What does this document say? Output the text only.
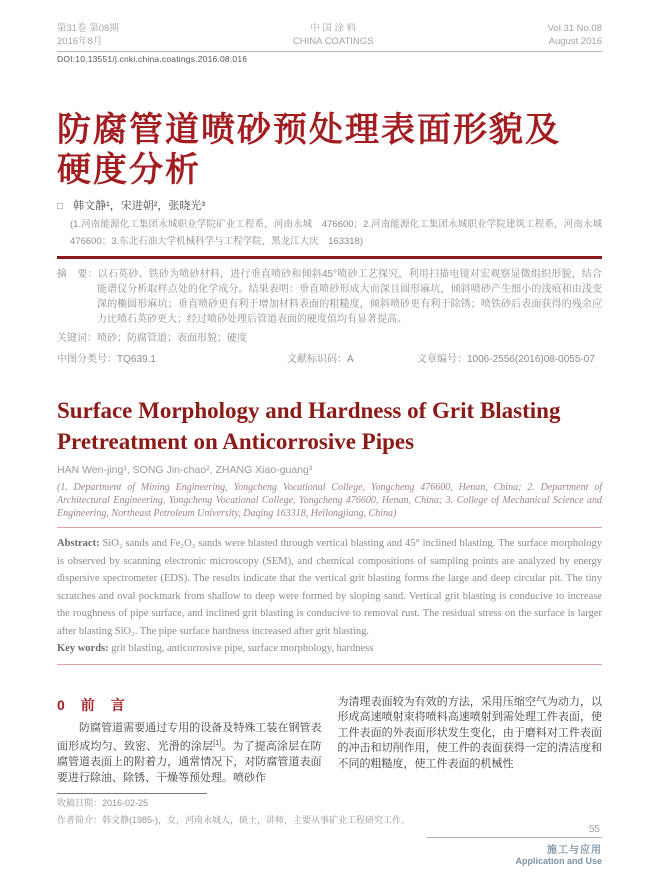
第31卷 第08期
2016年8月
中 国 涂 料
CHINA COATINGS
Vol.31 No.08
August 2016
DOI:10.13551/j.cnki.china.coatings.2016.08.016
防腐管道喷砂预处理表面形貌及
硬度分析
□ 韩文静¹，宋进朝²，张晓光³
(1.河南能源化工集团永城职业学院矿业工程系，河南永城　476600；2.河南能源化工集团永城职业学院建筑工程系，河南永城　476600；3.东北石油大学机械科学与工程学院，黑龙江大庆　163318)
摘　要：以石英砂、铁砂为喷砂材料，进行垂直喷砂和倾斜45°喷砂工艺探究，利用扫描电镜对宏观察显微组织形貌，结合能谱仪分析取样点处的化学成分。结果表明：垂直喷砂形成大而深且圆形麻坑，倾斜喷砂产生细小的浅痕和由浅变深的椭圆形麻坑；垂直喷砂更有利于增加材料表面的粗糙度，倾斜喷砂更有利于除锈；喷铁砂后表面获得的残余应力比喷石英砂更大；经过喷砂处理后管道表面的硬度值均有显著提高。
关键词：喷砂；防腐管道；表面形貌；硬度
中图分类号：TQ639.1	文献标识码：A	文章编号：1006-2556(2016)08-0055-07
Surface Morphology and Hardness of Grit Blasting
Pretreatment on Anticorrosive Pipes
HAN Wen-jing¹, SONG Jin-chao², ZHANG Xiao-guang³
(1. Department of Mining Engineering, Yongcheng Vocational College, Yongcheng 476600, Henan, China; 2. Department of Architectural Engineering, Yongcheng Vocational College, Yongcheng 476600, Henan, China; 3. College of Mechanical Science and Engineering, Northeast Petroleum University, Daqing 163318, Heilongjiang, China)
Abstract: SiO₂ sands and Fe₂O₃ sands were blasted through vertical blasting and 45° inclined blasting. The surface morphology is observed by scanning electronic microscopy (SEM), and chemical compositions of sampling points are analyzed by energy dispersive spectrometer (EDS). The results indicate that the vertical grit blasting forms the large and deep circular pit. The tiny scratches and oval pockmark from shallow to deep were formed by sloping sand. Vertical grit blasting is conducive to increase the roughness of pipe surface, and inclined grit blasting is conducive to removal rust. The residual stress on the surface is larger after blasting SiO₂. The pipe surface hardness increased after grit blasting.
Key words: grit blasting, anticorrosive pipe, surface morphology, hardness
0　前　言
防腐管道需要通过专用的设备及特殊工装在钢管表面形成均匀、致密、光滑的涂层[1]。为了提高涂层在防腐管道表面上的附着力，通常情况下，对防腐管道表面要进行除油、除锈、干燥等预处理。喷砂作
收稿日期：2016-02-25
为清理表面较为有效的方法，采用压缩空气为动力，以形成高速喷射束将喷料高速喷射到需处理工件表面，使工件表面的外表面形状发生变化，由于磨料对工件表面的冲击和切削作用，使工件的表面获得一定的清洁度和不同的粗糙度，使工件表面的机械性
作者简介：韩文静(1985-)，女，河南永城人，硕士，讲师，主要从事矿业工程研究工作。
55
施工与应用
Application and Use
